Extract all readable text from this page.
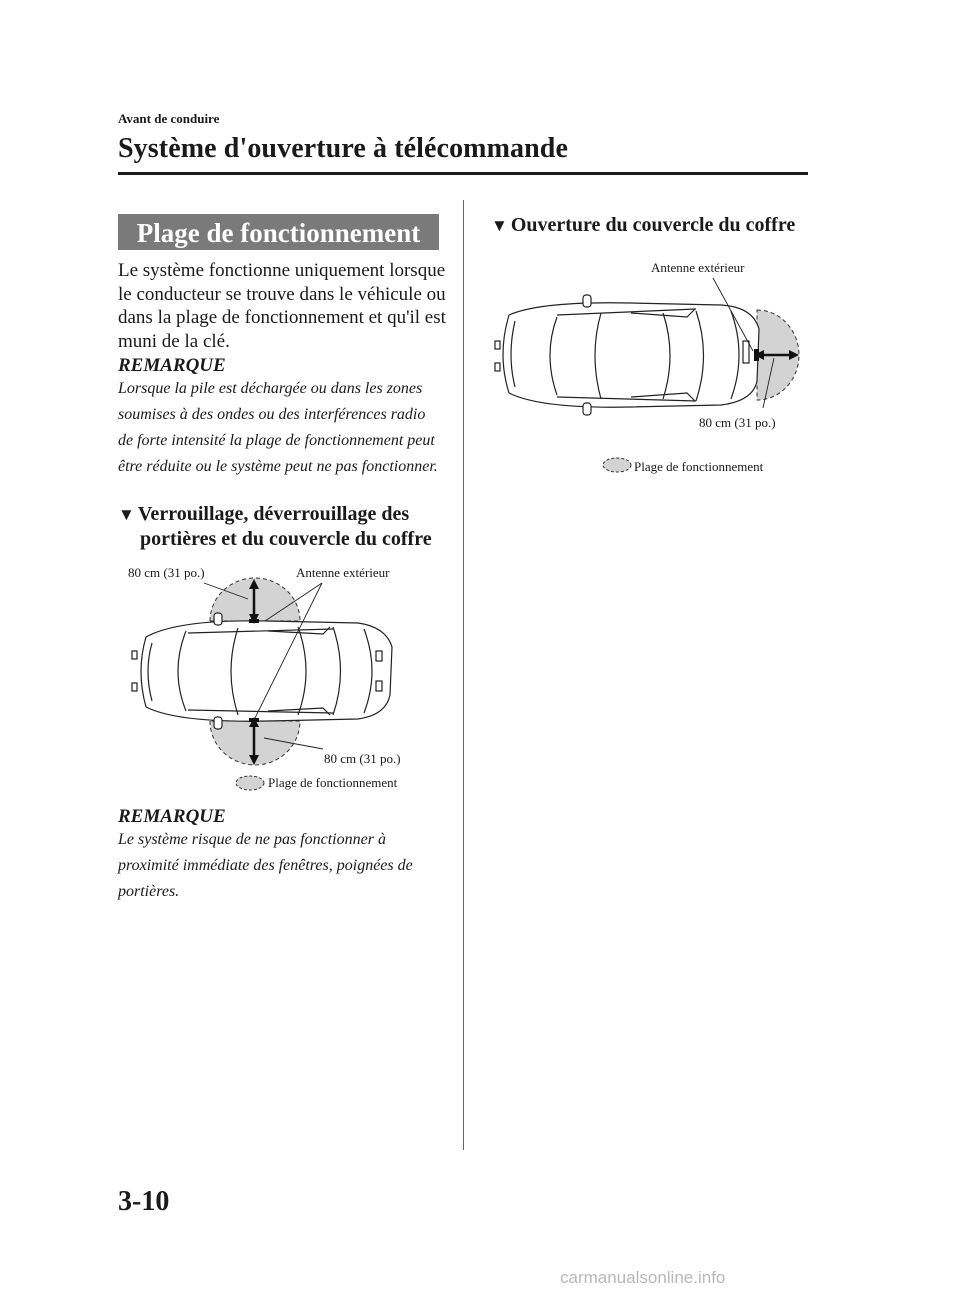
Avant de conduire
Système d'ouverture à télécommande
Plage de fonctionnement
Le système fonctionne uniquement lorsque le conducteur se trouve dans le véhicule ou dans la plage de fonctionnement et qu'il est muni de la clé.
REMARQUE
Lorsque la pile est déchargée ou dans les zones soumises à des ondes ou des interférences radio de forte intensité la plage de fonctionnement peut être réduite ou le système peut ne pas fonctionner.
▼ Verrouillage, déverrouillage des
portières et du couvercle du coffre
80 cm (31 po.)	Antenne extérieur
80 cm (31 po.)
Plage de fonctionnement
REMARQUE
Le système risque de ne pas fonctionner à proximité immédiate des fenêtres, poignées de portières.
▼ Ouverture du couvercle du coffre
Antenne extérieur
80 cm (31 po.)
Plage de fonctionnement
3-10
carmanualsonline.info
